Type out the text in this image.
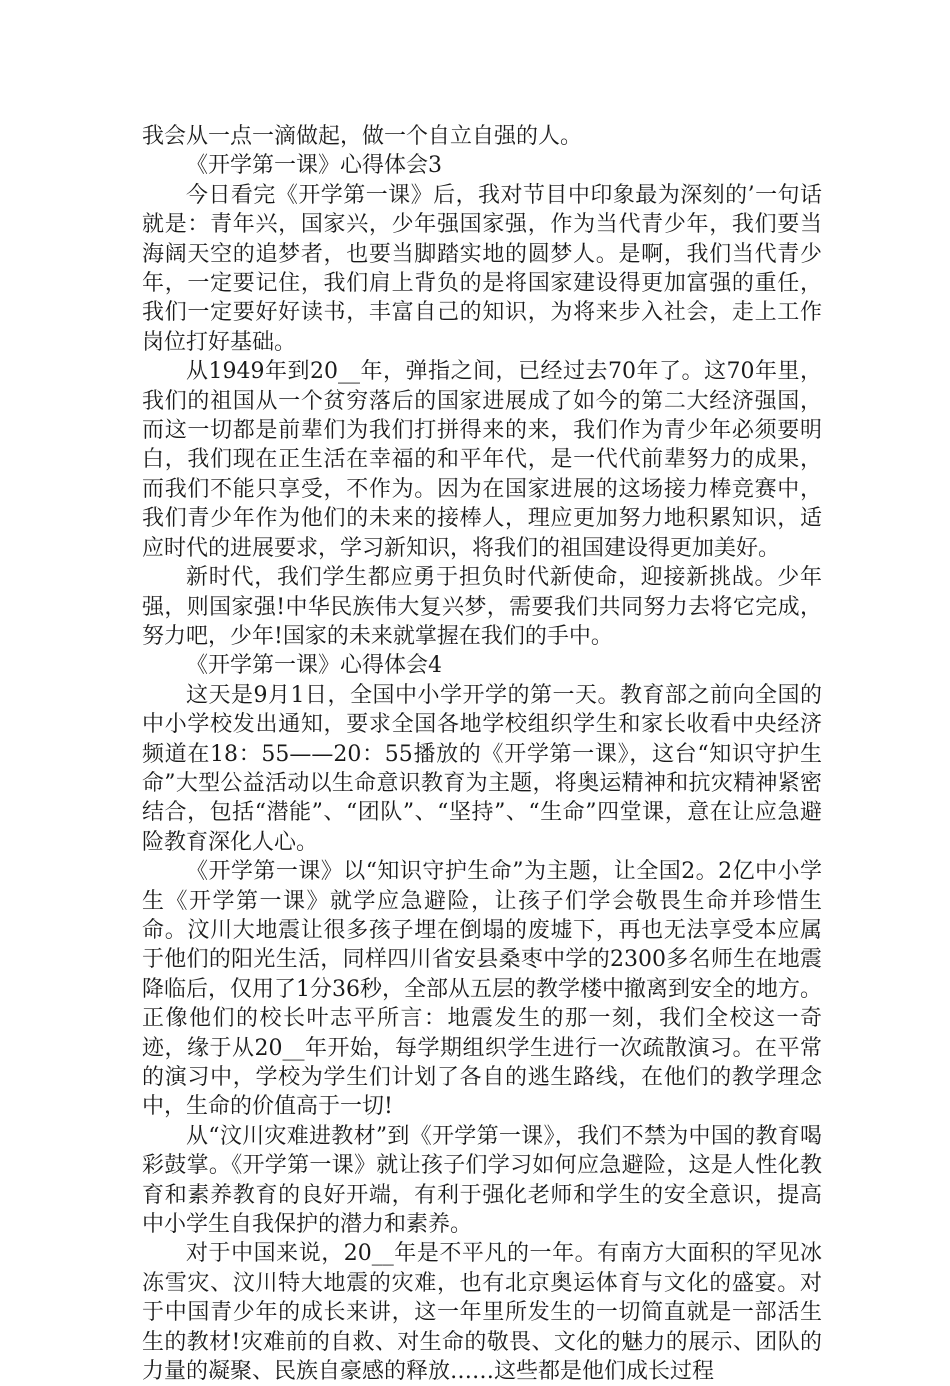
我会从一点一滴做起，做一个自立自强的人。

《开学第一课》心得体会3

今日看完《开学第一课》后，我对节目中印象最为深刻的’一句话就是：青年兴，国家兴，少年强国家强，作为当代青少年，我们要当海阔天空的追梦者，也要当脚踏实地的圆梦人。是啊，我们当代青少年，一定要记住，我们肩上背负的是将国家建设得更加富强的重任，我们一定要好好读书，丰富自己的知识，为将来步入社会，走上工作岗位打好基础。

从1949年到20__年，弹指之间，已经过去70年了。这70年里，我们的祖国从一个贫穷落后的国家进展成了如今的第二大经济强国，而这一切都是前辈们为我们打拼得来的来，我们作为青少年必须要明白，我们现在正生活在幸福的和平年代，是一代代前辈努力的成果，而我们不能只享受，不作为。因为在国家进展的这场接力棒竞赛中，我们青少年作为他们的未来的接棒人，理应更加努力地积累知识，适应时代的进展要求，学习新知识，将我们的祖国建设得更加美好。

新时代，我们学生都应勇于担负时代新使命，迎接新挑战。少年强，则国家强!中华民族伟大复兴梦，需要我们共同努力去将它完成，努力吧，少年!国家的未来就掌握在我们的手中。

《开学第一课》心得体会4

这天是9月1日，全国中小学开学的第一天。教育部之前向全国的中小学校发出通知，要求全国各地学校组织学生和家长收看中央经济频道在18：55——20：55播放的《开学第一课》，这台“知识守护生命”大型公益活动以生命意识教育为主题，将奥运精神和抗灾精神紧密结合，包括“潜能”、“团队”、“坚持”、“生命”四堂课，意在让应急避险教育深化人心。

《开学第一课》以“知识守护生命”为主题，让全国2。2亿中小学生《开学第一课》就学应急避险，让孩子们学会敬畏生命并珍惜生命。汶川大地震让很多孩子埋在倒塌的废墟下，再也无法享受本应属于他们的阳光生活，同样四川省安县桑枣中学的2300多名师生在地震降临后，仅用了1分36秒，全部从五层的教学楼中撤离到安全的地方。正像他们的校长叶志平所言：地震发生的那一刻，我们全校这一奇迹，缘于从20__年开始，每学期组织学生进行一次疏散演习。在平常的演习中，学校为学生们计划了各自的逃生路线，在他们的教学理念中，生命的价值高于一切!

从“汶川灾难进教材”到《开学第一课》，我们不禁为中国的教育喝彩鼓掌。《开学第一课》就让孩子们学习如何应急避险，这是人性化教育和素养教育的良好开端，有利于强化老师和学生的安全意识，提高中小学生自我保护的潜力和素养。

对于中国来说，20__年是不平凡的一年。有南方大面积的罕见冰冻雪灾、汶川特大地震的灾难，也有北京奥运体育与文化的盛宴。对于中国青少年的成长来讲，这一年里所发生的一切简直就是一部活生生的教材!灾难前的自救、对生命的敬畏、文化的魅力的展示、团队的力量的凝聚、民族自豪感的释放……这些都是他们成长过程
